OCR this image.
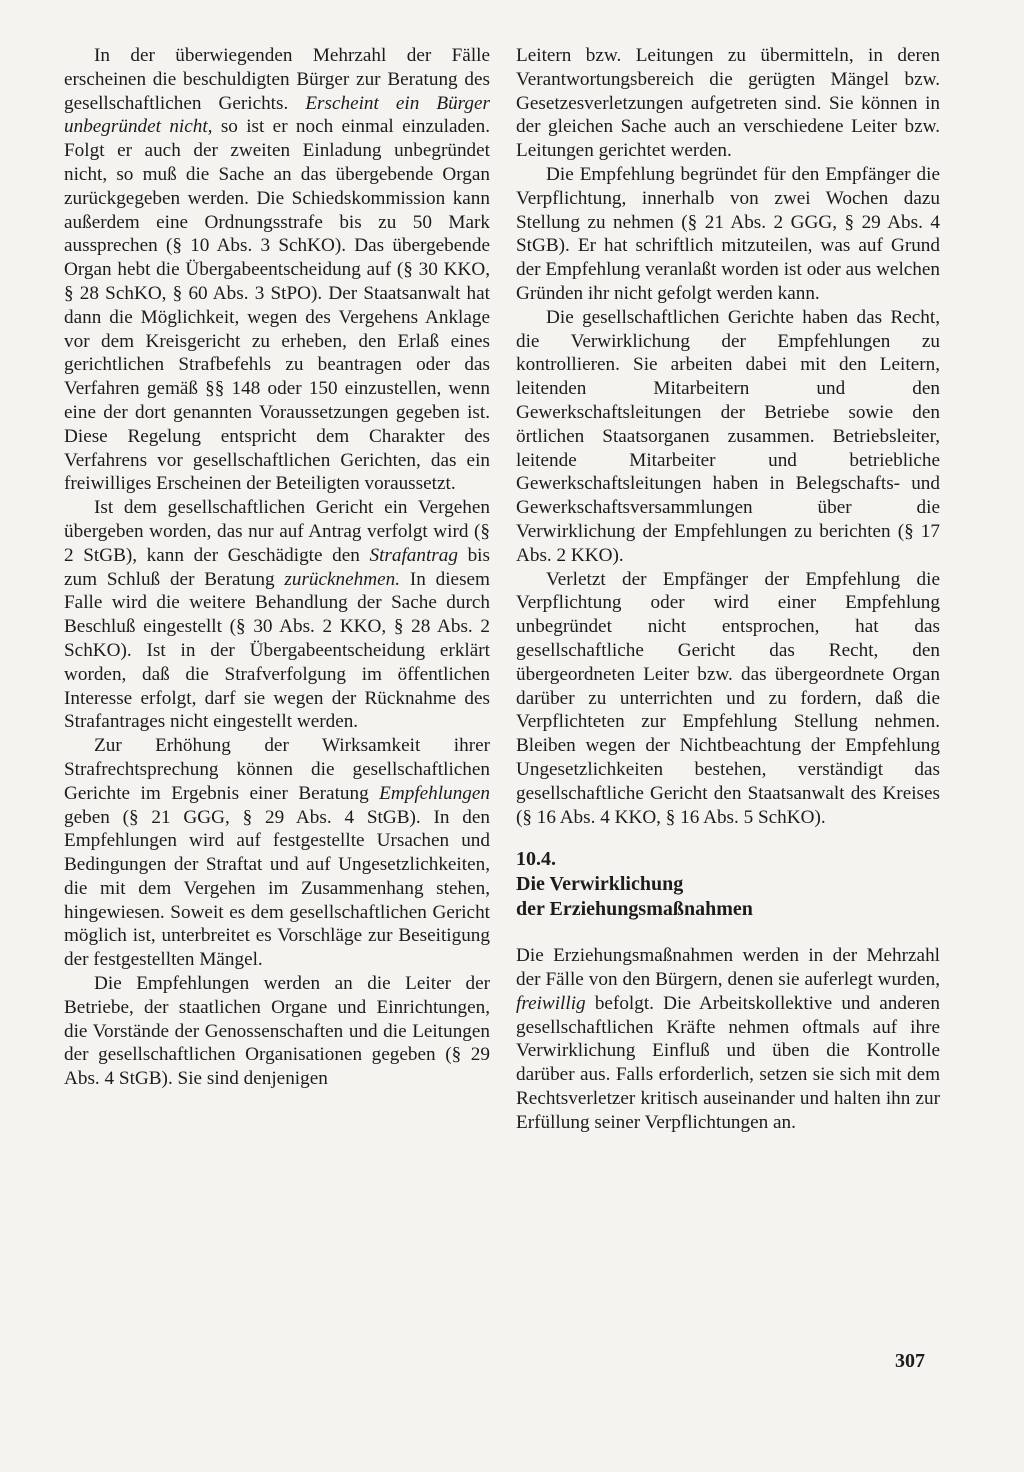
In der überwiegenden Mehrzahl der Fälle erscheinen die beschuldigten Bürger zur Beratung des gesellschaftlichen Gerichts. Erscheint ein Bürger unbegründet nicht, so ist er noch einmal einzuladen. Folgt er auch der zweiten Einladung unbegründet nicht, so muß die Sache an das übergebende Organ zurückgegeben werden. Die Schiedskommission kann außerdem eine Ordnungsstrafe bis zu 50 Mark aussprechen (§ 10 Abs. 3 SchKO). Das übergebende Organ hebt die Übergabeentscheidung auf (§ 30 KKO, § 28 SchKO, § 60 Abs. 3 StPO). Der Staatsanwalt hat dann die Möglichkeit, wegen des Vergehens Anklage vor dem Kreisgericht zu erheben, den Erlaß eines gerichtlichen Strafbefehls zu beantragen oder das Verfahren gemäß §§ 148 oder 150 einzustellen, wenn eine der dort genannten Voraussetzungen gegeben ist. Diese Regelung entspricht dem Charakter des Verfahrens vor gesellschaftlichen Gerichten, das ein freiwilliges Erscheinen der Beteiligten voraussetzt.

Ist dem gesellschaftlichen Gericht ein Vergehen übergeben worden, das nur auf Antrag verfolgt wird (§ 2 StGB), kann der Geschädigte den Strafantrag bis zum Schluß der Beratung zurücknehmen. In diesem Falle wird die weitere Behandlung der Sache durch Beschluß eingestellt (§ 30 Abs. 2 KKO, § 28 Abs. 2 SchKO). Ist in der Übergabeentscheidung erklärt worden, daß die Strafverfolgung im öffentlichen Interesse erfolgt, darf sie wegen der Rücknahme des Strafantrages nicht eingestellt werden.

Zur Erhöhung der Wirksamkeit ihrer Strafrechtsprechung können die gesellschaftlichen Gerichte im Ergebnis einer Beratung Empfehlungen geben (§ 21 GGG, § 29 Abs. 4 StGB). In den Empfehlungen wird auf festgestellte Ursachen und Bedingungen der Straftat und auf Ungesetzlichkeiten, die mit dem Vergehen im Zusammenhang stehen, hingewiesen. Soweit es dem gesellschaftlichen Gericht möglich ist, unterbreitet es Vorschläge zur Beseitigung der festgestellten Mängel.

Die Empfehlungen werden an die Leiter der Betriebe, der staatlichen Organe und Einrichtungen, die Vorstände der Genossenschaften und die Leitungen der gesellschaftlichen Organisationen gegeben (§ 29 Abs. 4 StGB). Sie sind denjenigen

Leitern bzw. Leitungen zu übermitteln, in deren Verantwortungsbereich die gerügten Mängel bzw. Gesetzesverletzungen aufgetreten sind. Sie können in der gleichen Sache auch an verschiedene Leiter bzw. Leitungen gerichtet werden.

Die Empfehlung begründet für den Empfänger die Verpflichtung, innerhalb von zwei Wochen dazu Stellung zu nehmen (§ 21 Abs. 2 GGG, § 29 Abs. 4 StGB). Er hat schriftlich mitzuteilen, was auf Grund der Empfehlung veranlaßt worden ist oder aus welchen Gründen ihr nicht gefolgt werden kann.

Die gesellschaftlichen Gerichte haben das Recht, die Verwirklichung der Empfehlungen zu kontrollieren. Sie arbeiten dabei mit den Leitern, leitenden Mitarbeitern und den Gewerkschaftsleitungen der Betriebe sowie den örtlichen Staatsorganen zusammen. Betriebsleiter, leitende Mitarbeiter und betriebliche Gewerkschaftsleitungen haben in Belegschafts- und Gewerkschaftsversammlungen über die Verwirklichung der Empfehlungen zu berichten (§ 17 Abs. 2 KKO).

Verletzt der Empfänger der Empfehlung die Verpflichtung oder wird einer Empfehlung unbegründet nicht entsprochen, hat das gesellschaftliche Gericht das Recht, den übergeordneten Leiter bzw. das übergeordnete Organ darüber zu unterrichten und zu fordern, daß die Verpflichteten zur Empfehlung Stellung nehmen. Bleiben wegen der Nichtbeachtung der Empfehlung Ungesetzlichkeiten bestehen, verständigt das gesellschaftliche Gericht den Staatsanwalt des Kreises (§ 16 Abs. 4 KKO, § 16 Abs. 5 SchKO).

10.4.
Die Verwirklichung
der Erziehungsmaßnahmen

Die Erziehungsmaßnahmen werden in der Mehrzahl der Fälle von den Bürgern, denen sie auferlegt wurden, freiwillig befolgt. Die Arbeitskollektive und anderen gesellschaftlichen Kräfte nehmen oftmals auf ihre Verwirklichung Einfluß und üben die Kontrolle darüber aus. Falls erforderlich, setzen sie sich mit dem Rechtsverletzer kritisch auseinander und halten ihn zur Erfüllung seiner Verpflichtungen an.

307
